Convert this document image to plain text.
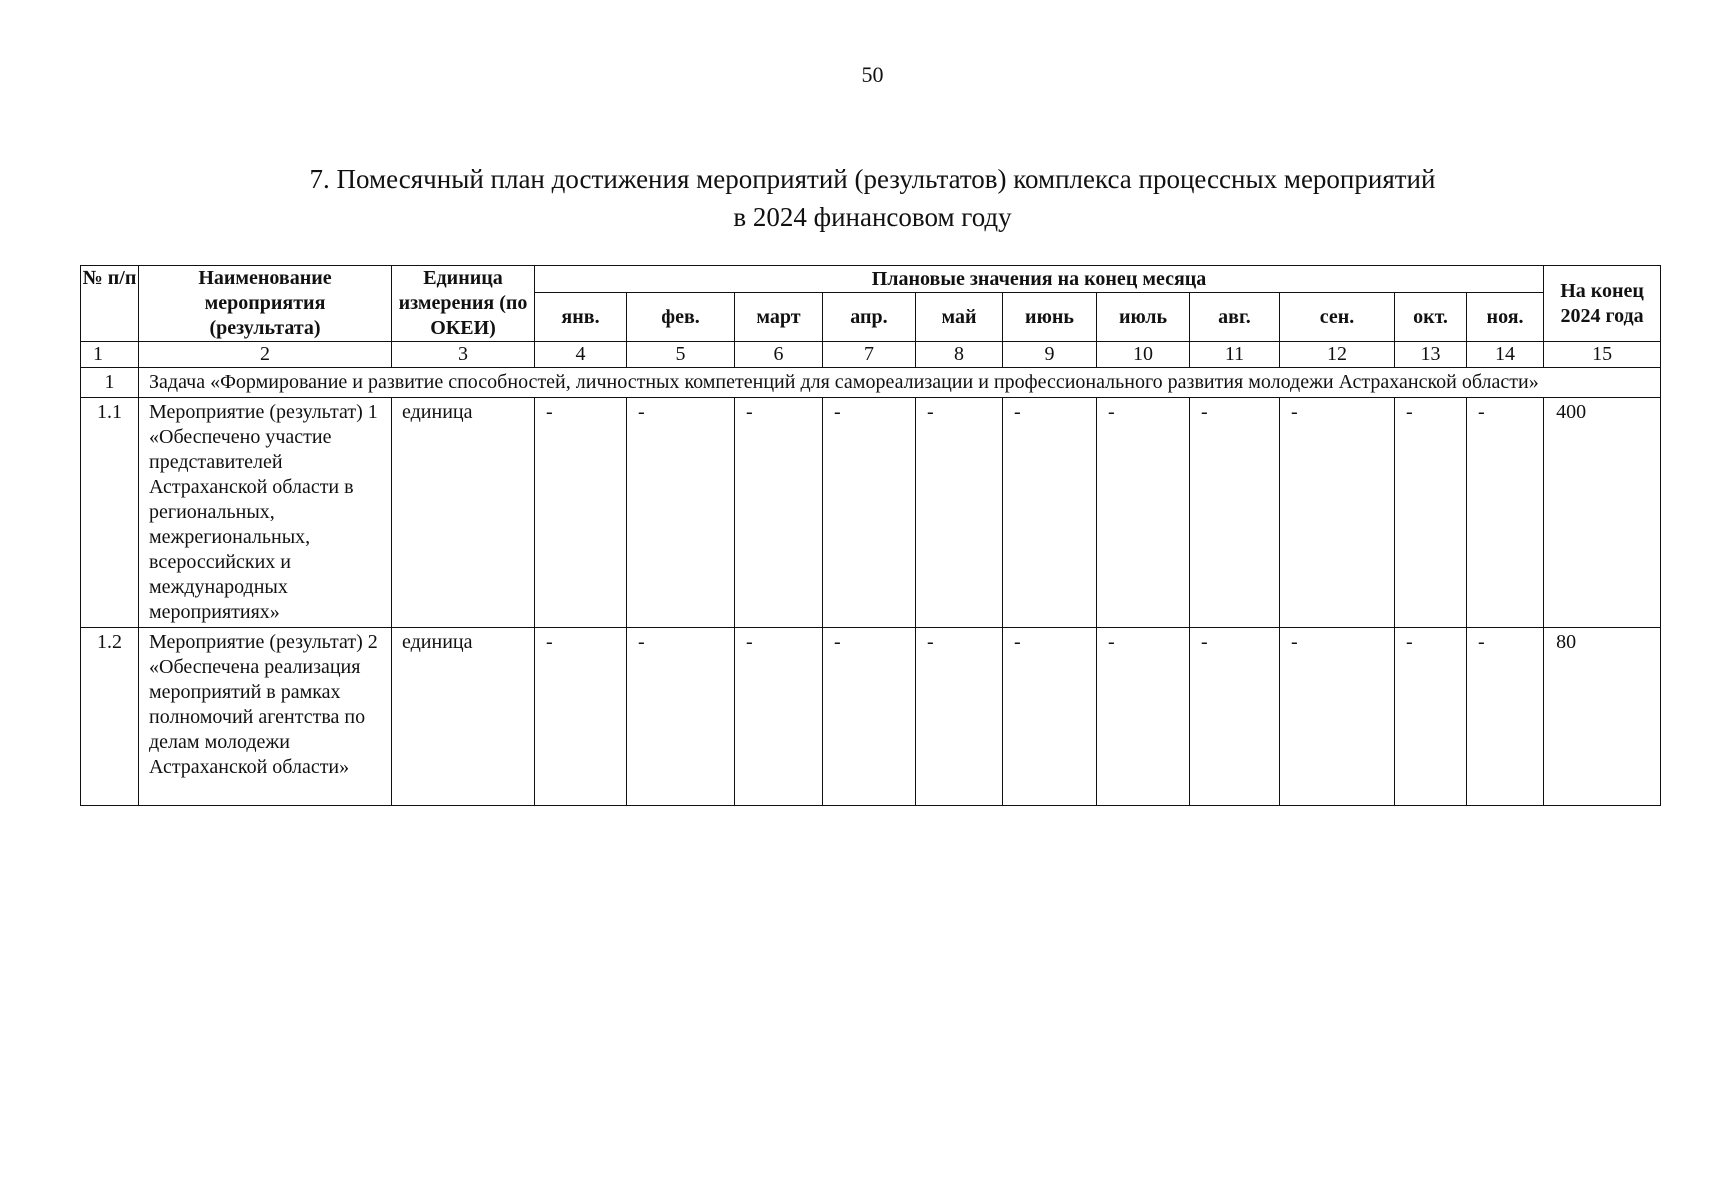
50
7. Помесячный план достижения мероприятий (результатов) комплекса процессных мероприятий
в 2024 финансовом году
№ п/п	Наименование мероприятия (результата)	Единица измерения (по ОКЕИ)	Плановые значения на конец месяца											На конец 2024 года
			янв.	фев.	март	апр.	май	июнь	июль	авг.	сен.	окт.	ноя.	
1	2	3	4	5	6	7	8	9	10	11	12	13	14	15
1	Задача «Формирование и развитие способностей, личностных компетенций для самореализации и профессионального развития молодежи Астраханской области»													
1.1	Мероприятие (результат) 1 «Обеспечено участие представителей Астраханской области в региональных, межрегиональных, всероссийских и международных мероприятиях»	единица	-	-	-	-	-	-	-	-	-	-	-	400
1.2	Мероприятие (результат) 2 «Обеспечена реализация мероприятий в рамках полномочий агентства по делам молодежи Астраханской области»	единица	-	-	-	-	-	-	-	-	-	-	-	80
